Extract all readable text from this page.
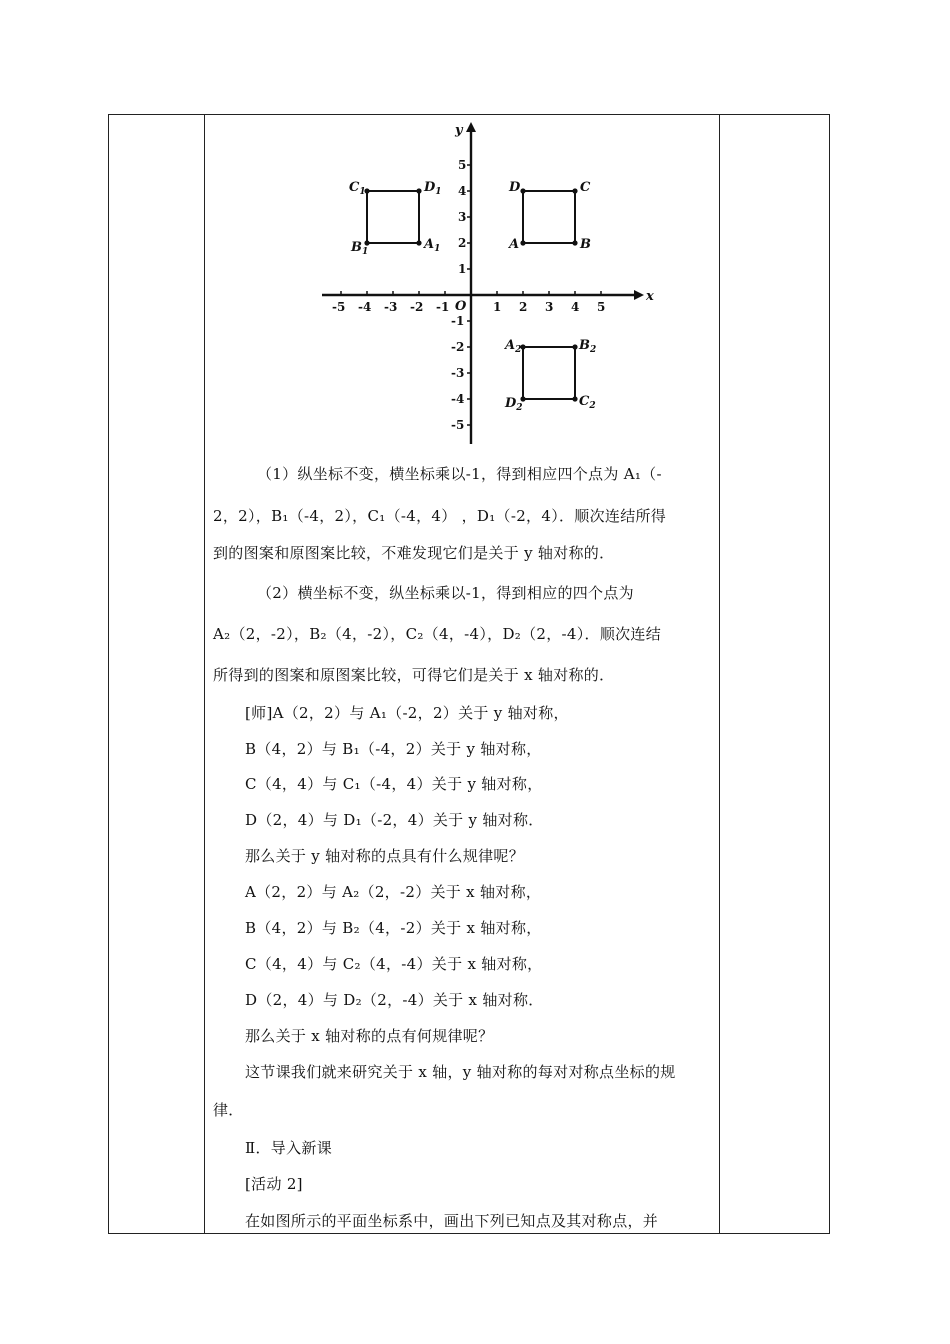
x
y
O
-5 -4 -3 -2 -1	1 2 3 4 5
5
4
3
2
1
-1
-2
-3
-4
-5
A	B
C
D
$A_1$
$B_1$
$C_1$	$D_1$
$A_2$	$B_2$
$C_2$
$D_2$
（1）纵坐标不变，横坐标乘以-1，得到相应四个点为 A₁（-
2，2），B₁（-4，2），C₁（-4，4） ，D₁（-2，4）．顺次连结所得
到的图案和原图案比较，不难发现它们是关于 y 轴对称的．
（2）横坐标不变，纵坐标乘以-1，得到相应的四个点为
A₂（2，-2），B₂（4，-2），C₂（4，-4），D₂（2，-4）．顺次连结
所得到的图案和原图案比较，可得它们是关于 x 轴对称的．
[师]A（2，2）与 A₁（-2，2）关于 y 轴对称，
B（4，2）与 B₁（-4，2）关于 y 轴对称，
C（4，4）与 C₁（-4，4）关于 y 轴对称，
D（2，4）与 D₁（-2，4）关于 y 轴对称．
那么关于 y 轴对称的点具有什么规律呢？
A（2，2）与 A₂（2，-2）关于 x 轴对称，
B（4，2）与 B₂（4，-2）关于 x 轴对称，
C（4，4）与 C₂（4，-4）关于 x 轴对称，
D（2，4）与 D₂（2，-4）关于 x 轴对称．
那么关于 x 轴对称的点有何规律呢？
这节课我们就来研究关于 x 轴，y 轴对称的每对对称点坐标的规
律．
Ⅱ．导入新课
[活动 2]
在如图所示的平面坐标系中，画出下列已知点及其对称点，并
